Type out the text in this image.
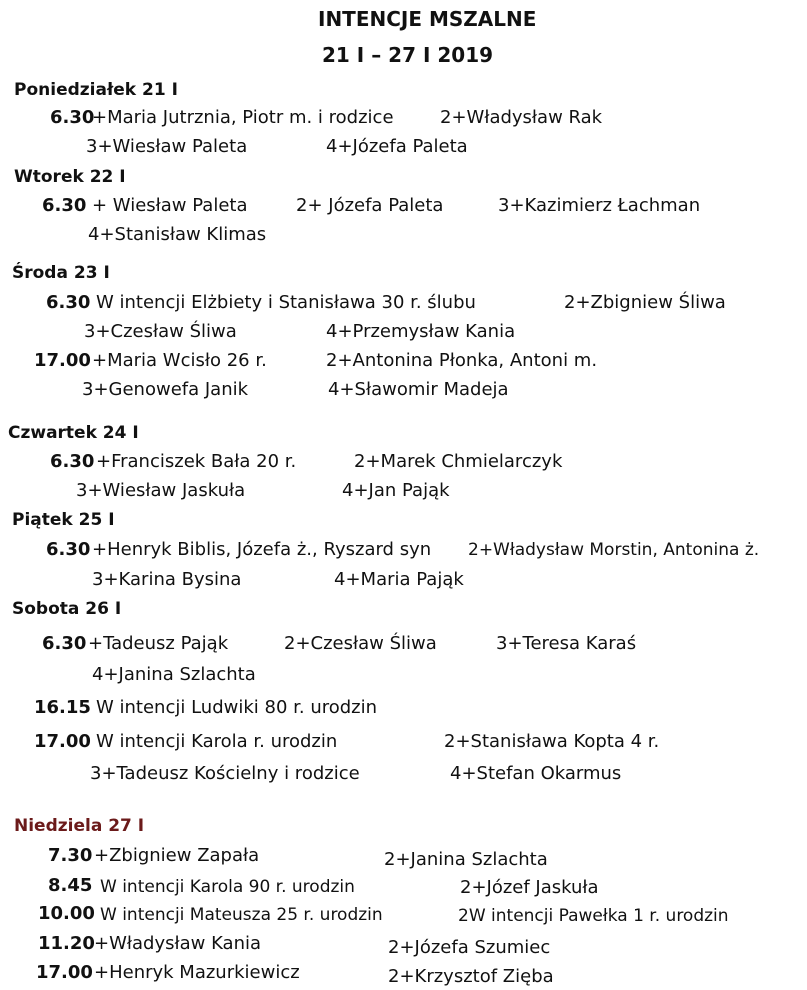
INTENCJE MSZALNE
21 I – 27 I 2019
Poniedziałek 21 I
6.30
+Maria Jutrznia, Piotr m. i rodzice	2+Władysław Rak
3+Wiesław Paleta	4+Józefa Paleta
Wtorek 22 I
6.30 + Wiesław Paleta	2+ Józefa Paleta	3+Kazimierz Łachman
4+Stanisław Klimas
Środa 23 I
6.30 W intencji Elżbiety i Stanisława 30 r. ślubu	2+Zbigniew Śliwa
3+Czesław Śliwa	4+Przemysław Kania
17.00 +Maria Wcisło 26 r.	2+Antonina Płonka, Antoni m.
3+Genowefa Janik	4+Sławomir Madeja
Czwartek 24 I
6.30 +Franciszek Bała 20 r.	2+Marek Chmielarczyk
3+Wiesław Jaskuła	4+Jan Pająk
Piątek 25 I
6.30 +Henryk Biblis, Józefa ż., Ryszard syn 2+Władysław Morstin, Antonina ż.
3+Karina Bysina	4+Maria Pająk
Sobota 26 I
6.30 +Tadeusz Pająk	2+Czesław Śliwa	3+Teresa Karaś
4+Janina Szlachta
16.15 W intencji Ludwiki 80 r. urodzin
17.00 W intencji Karola r. urodzin	2+Stanisława Kopta 4 r.
3+Tadeusz Kościelny i rodzice	4+Stefan Okarmus
Niedziela 27 I
7.30 +Zbigniew Zapała	2+Janina Szlachta
8.45 W intencji Karola 90 r. urodzin	2+Józef Jaskuła
10.00 W intencji Mateusza 25 r. urodzin	2W intencji Pawełka 1 r. urodzin
11.20 +Władysław Kania	2+Józefa Szumiec
17.00 +Henryk Mazurkiewicz	2+Krzysztof Zięba
